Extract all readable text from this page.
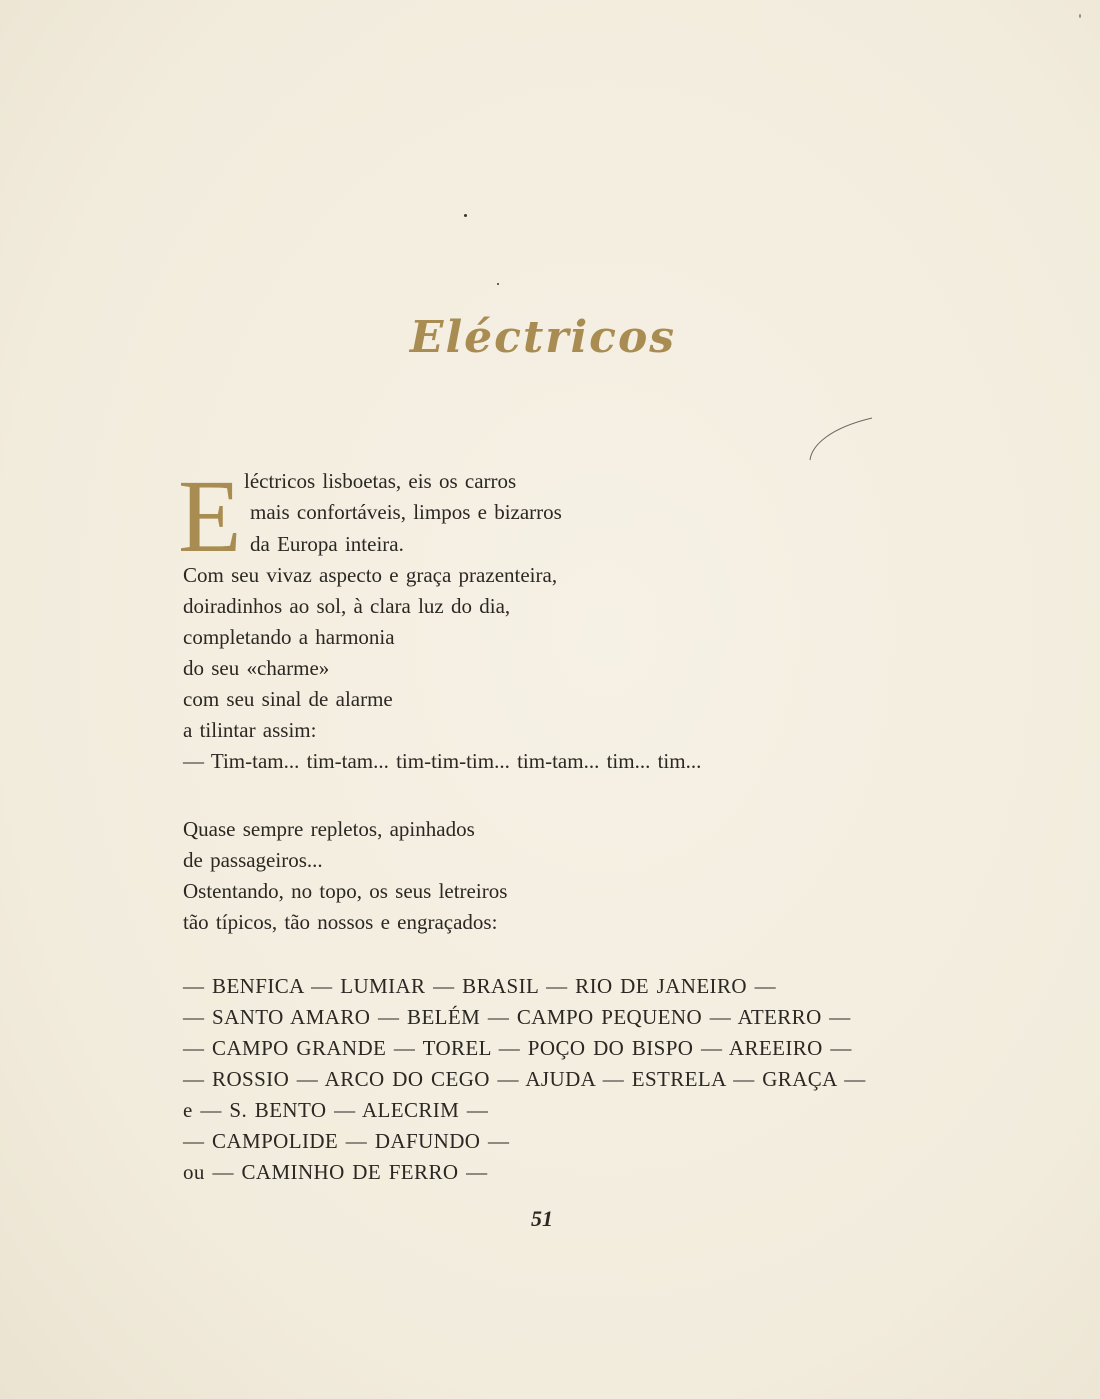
Eléctricos
E léctricos lisboetas, eis os carros
mais confortáveis, limpos e bizarros
da Europa inteira.
Com seu vivaz aspecto e graça prazenteira,
doiradinhos ao sol, à clara luz do dia,
completando a harmonia
do seu «charme»
com seu sinal de alarme
a tilintar assim:
— Tim-tam... tim-tam... tim-tim-tim... tim-tam... tim... tim...
Quase sempre repletos, apinhados
de passageiros...
Ostentando, no topo, os seus letreiros
tão típicos, tão nossos e engraçados:
— BENFICA — LUMIAR — BRASIL — RIO DE JANEIRO —
— SANTO AMARO — BELÉM — CAMPO PEQUENO — ATERRO —
— CAMPO GRANDE — TOREL — POÇO DO BISPO — AREEIRO —
— ROSSIO — ARCO DO CEGO — AJUDA — ESTRELA — GRAÇA —
e — S. BENTO — ALECRIM —
— CAMPOLIDE — DAFUNDO —
ou — CAMINHO DE FERRO —
51
